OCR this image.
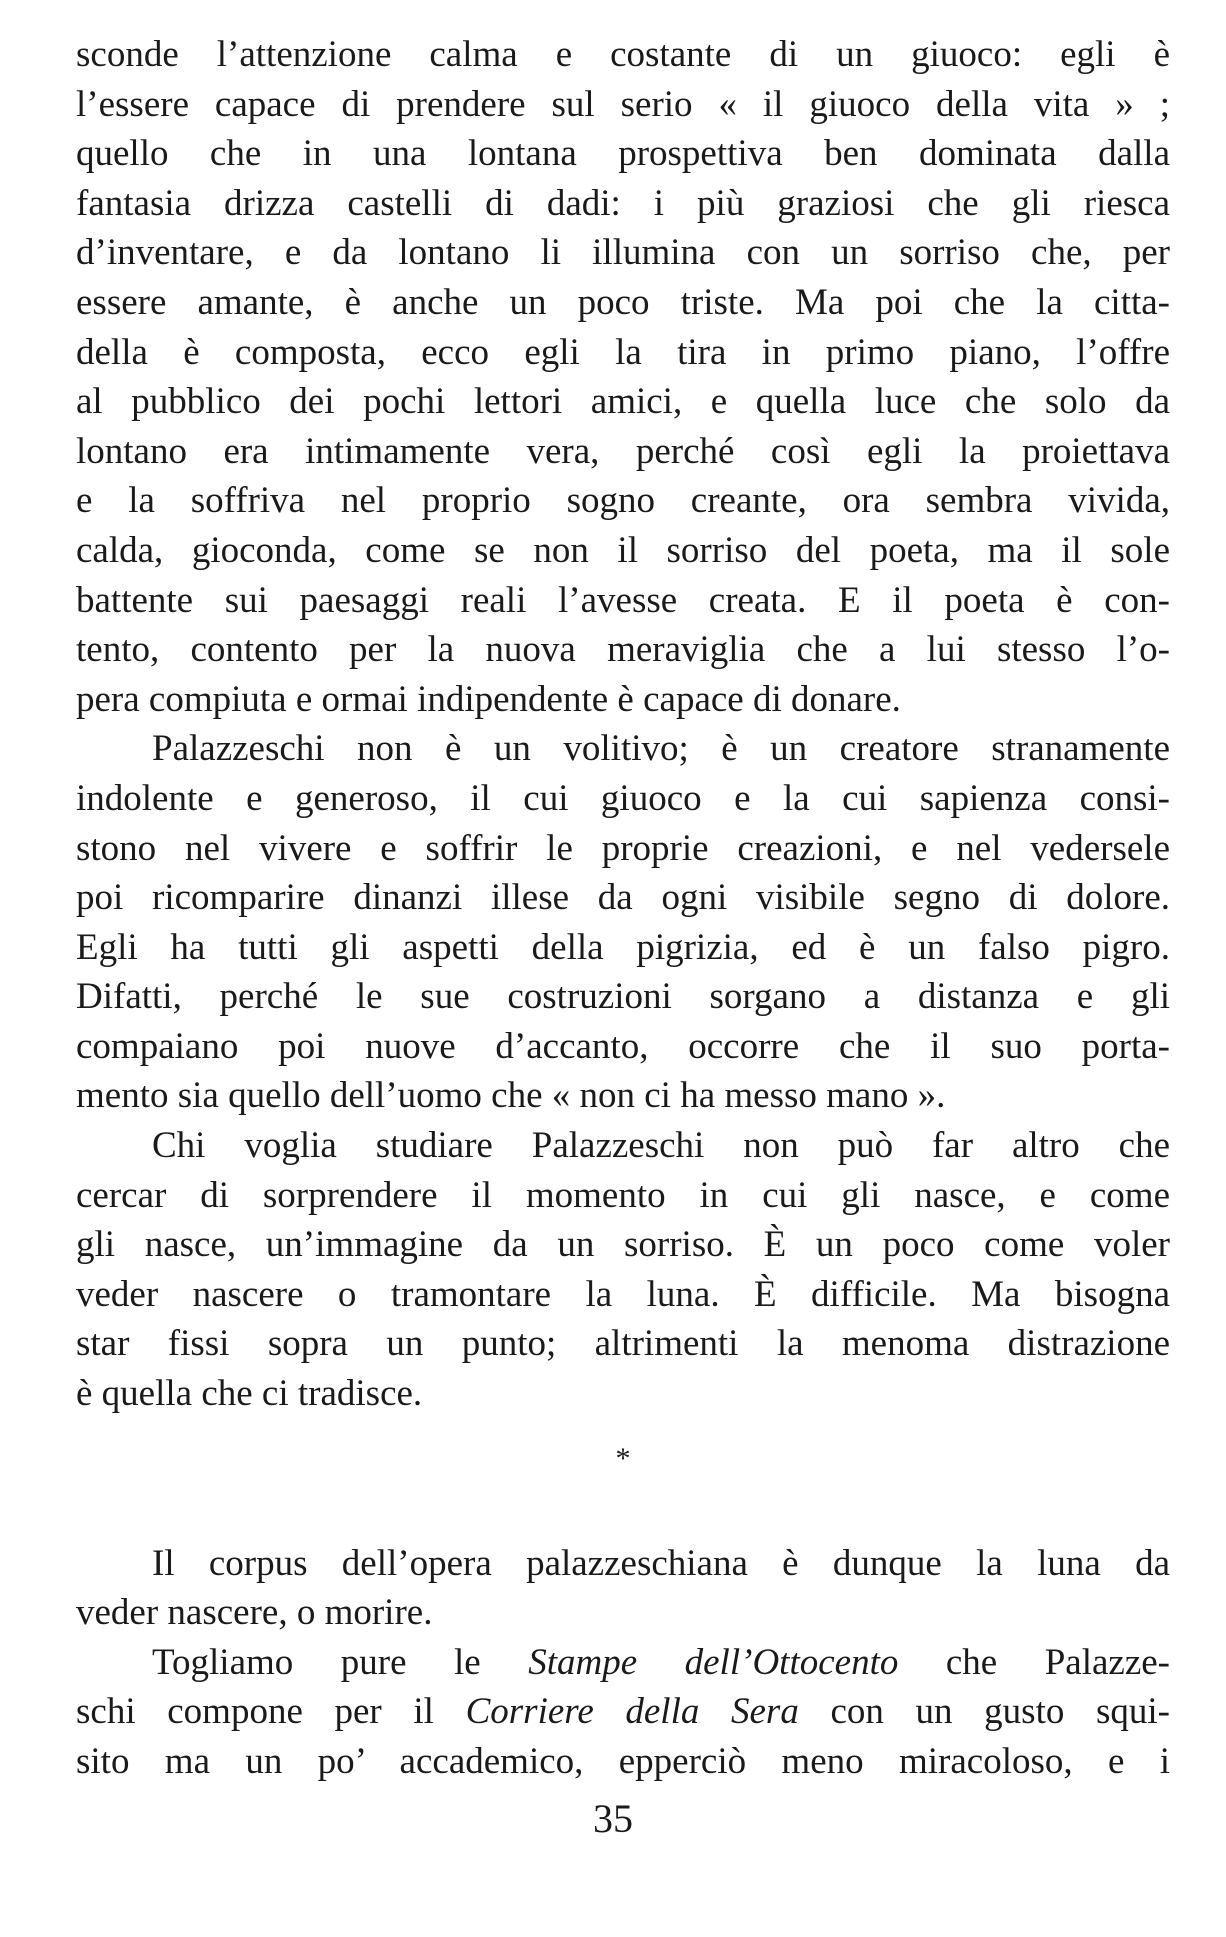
sconde l’attenzione calma e costante di un giuoco: egli è
l’essere capace di prendere sul serio « il giuoco della vita » ;
quello che in una lontana prospettiva ben dominata dalla
fantasia drizza castelli di dadi: i più graziosi che gli riesca
d’inventare, e da lontano li illumina con un sorriso che, per
essere amante, è anche un poco triste. Ma poi che la citta-
della è composta, ecco egli la tira in primo piano, l’offre
al pubblico dei pochi lettori amici, e quella luce che solo da
lontano era intimamente vera, perché così egli la proiettava
e la soffriva nel proprio sogno creante, ora sembra vivida,
calda, gioconda, come se non il sorriso del poeta, ma il sole
battente sui paesaggi reali l’avesse creata. E il poeta è con-
tento, contento per la nuova meraviglia che a lui stesso l’o-
pera compiuta e ormai indipendente è capace di donare.
Palazzeschi non è un volitivo; è un creatore stranamente
indolente e generoso, il cui giuoco e la cui sapienza consi-
stono nel vivere e soffrir le proprie creazioni, e nel vedersele
poi ricomparire dinanzi illese da ogni visibile segno di dolore.
Egli ha tutti gli aspetti della pigrizia, ed è un falso pigro.
Difatti, perché le sue costruzioni sorgano a distanza e gli
compaiano poi nuove d’accanto, occorre che il suo porta-
mento sia quello dell’uomo che « non ci ha messo mano ».
Chi voglia studiare Palazzeschi non può far altro che
cercar di sorprendere il momento in cui gli nasce, e come
gli nasce, un’immagine da un sorriso. È un poco come voler
veder nascere o tramontare la luna. È difficile. Ma bisogna
star fissi sopra un punto; altrimenti la menoma distrazione
è quella che ci tradisce.
*
Il corpus dell’opera palazzeschiana è dunque la luna da
veder nascere, o morire.
Togliamo pure le Stampe dell’Ottocento che Palazze-
schi compone per il Corriere della Sera con un gusto squi-
sito ma un po’ accademico, epperciò meno miracoloso, e i
35
